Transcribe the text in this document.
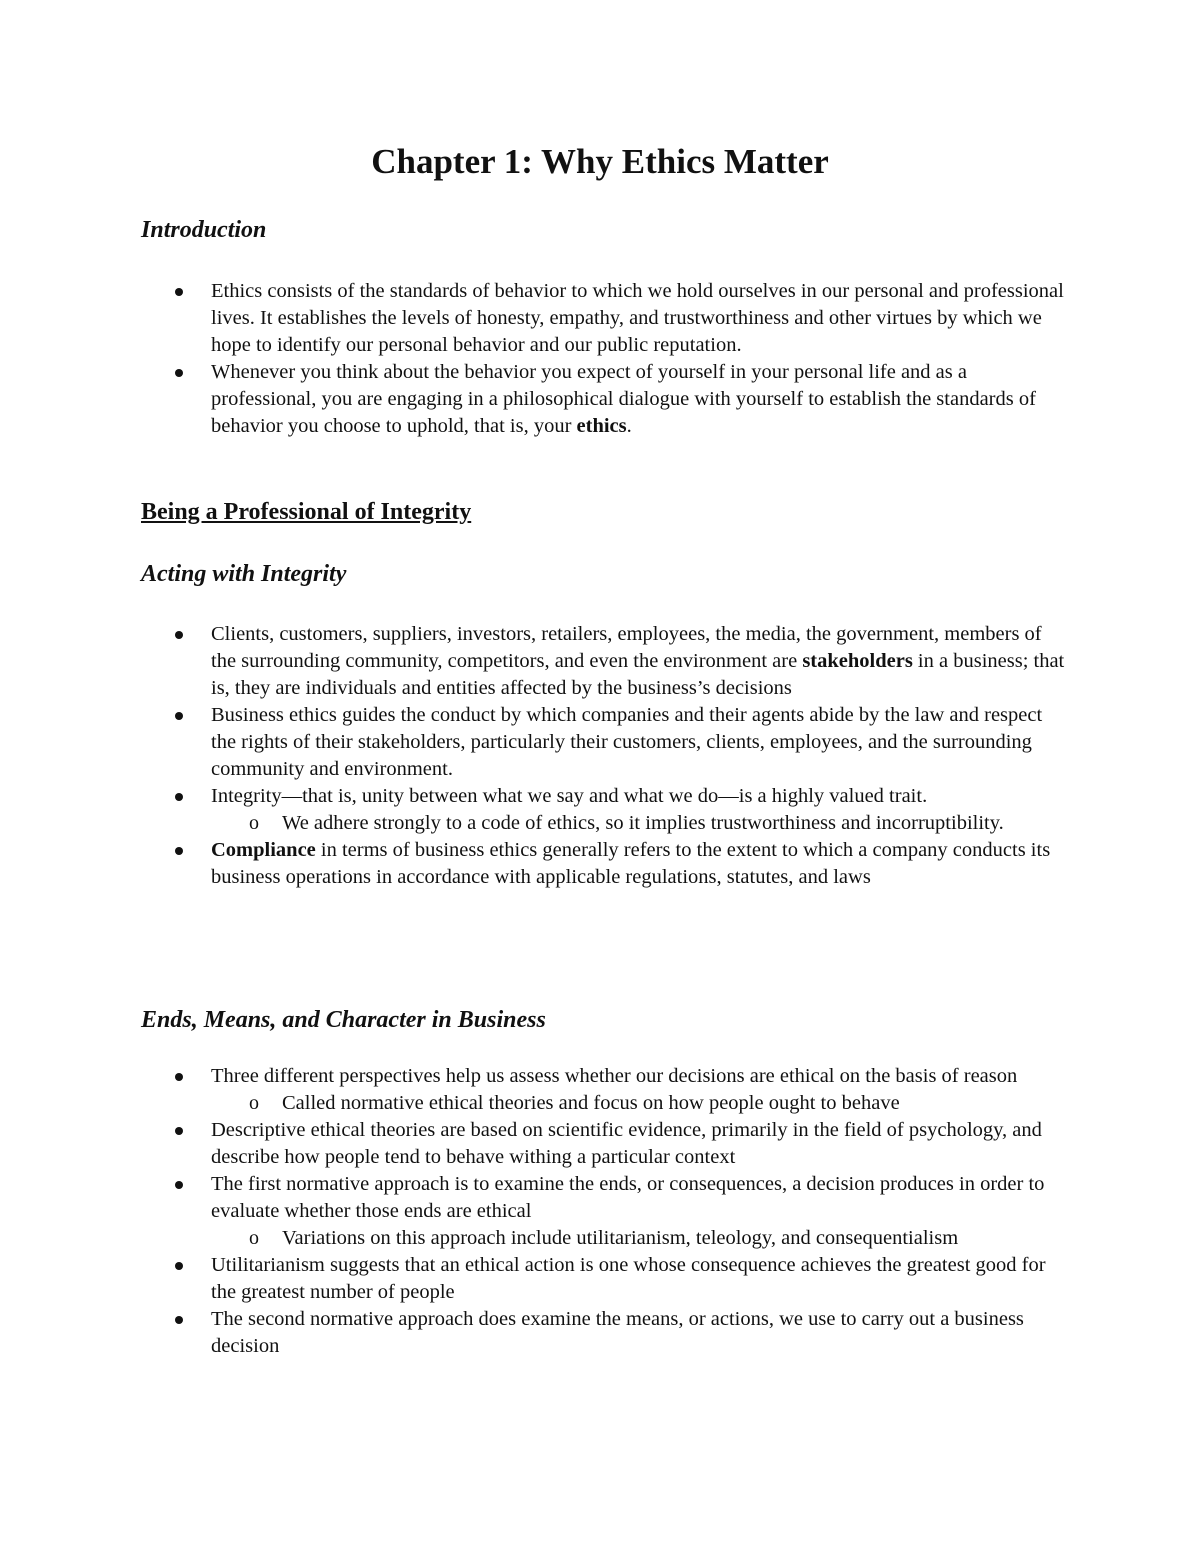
Chapter 1: Why Ethics Matter
Introduction
Ethics consists of the standards of behavior to which we hold ourselves in our personal and professional lives. It establishes the levels of honesty, empathy, and trustworthiness and other virtues by which we hope to identify our personal behavior and our public reputation.
Whenever you think about the behavior you expect of yourself in your personal life and as a professional, you are engaging in a philosophical dialogue with yourself to establish the standards of behavior you choose to uphold, that is, your ethics.
Being a Professional of Integrity
Acting with Integrity
Clients, customers, suppliers, investors, retailers, employees, the media, the government, members of the surrounding community, competitors, and even the environment are stakeholders in a business; that is, they are individuals and entities affected by the business’s decisions
Business ethics guides the conduct by which companies and their agents abide by the law and respect the rights of their stakeholders, particularly their customers, clients, employees, and the surrounding community and environment.
Integrity—that is, unity between what we say and what we do—is a highly valued trait.
o We adhere strongly to a code of ethics, so it implies trustworthiness and incorruptibility.
Compliance in terms of business ethics generally refers to the extent to which a company conducts its business operations in accordance with applicable regulations, statutes, and laws
Ends, Means, and Character in Business
Three different perspectives help us assess whether our decisions are ethical on the basis of reason
o Called normative ethical theories and focus on how people ought to behave
Descriptive ethical theories are based on scientific evidence, primarily in the field of psychology, and describe how people tend to behave withing a particular context
The first normative approach is to examine the ends, or consequences, a decision produces in order to evaluate whether those ends are ethical
o Variations on this approach include utilitarianism, teleology, and consequentialism
Utilitarianism suggests that an ethical action is one whose consequence achieves the greatest good for the greatest number of people
The second normative approach does examine the means, or actions, we use to carry out a business decision
